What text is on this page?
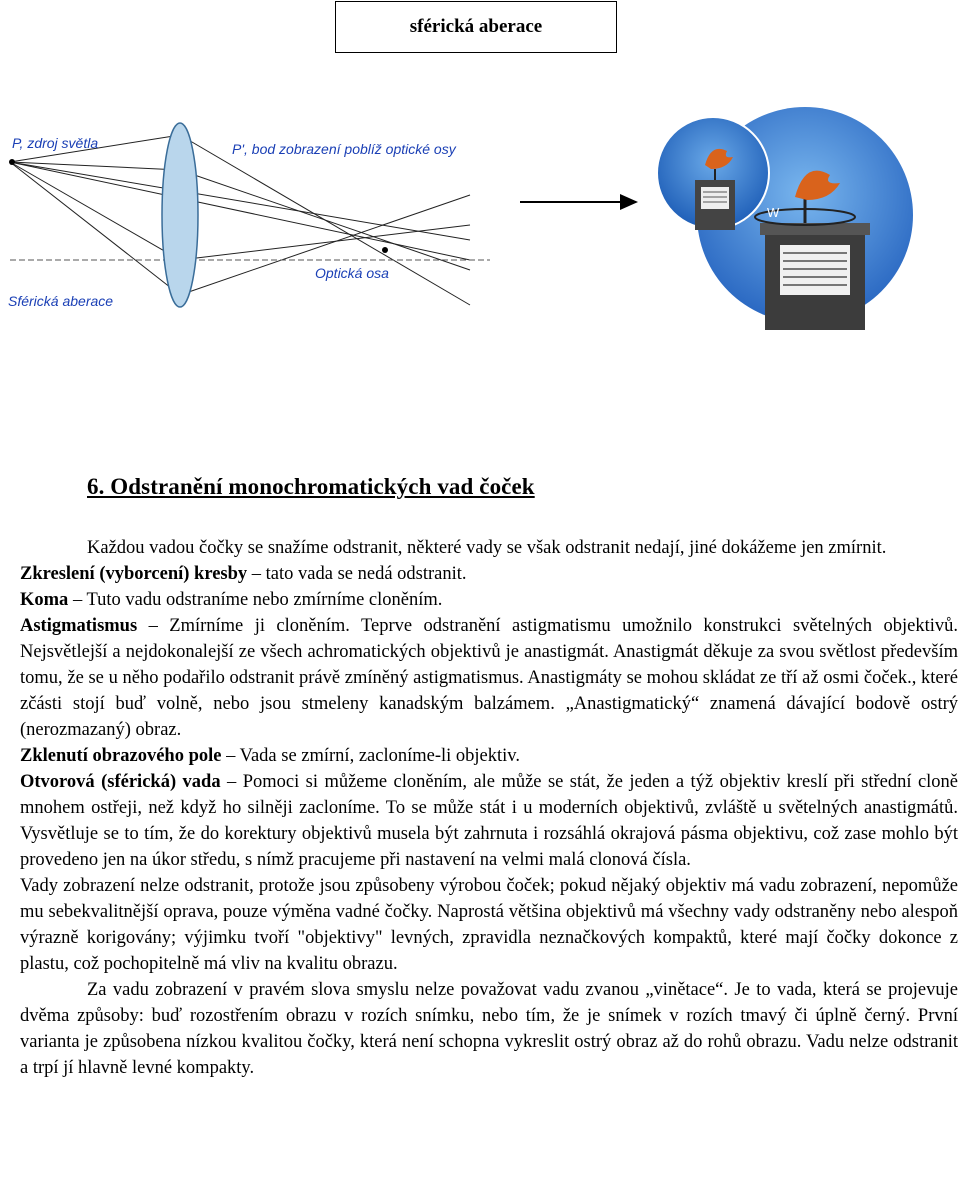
sférická aberace
P, zdroj světla	P', bod zobrazení poblíž optické osy
Optická osa
Sférická aberace
W
6. Odstranění monochromatických vad čoček

Každou vadou čočky se snažíme odstranit, některé vady se však odstranit nedají, jiné dokážeme jen zmírnit.

Zkreslení (vyborcení) kresby – tato vada se nedá odstranit.

Koma – Tuto vadu odstraníme nebo zmírníme cloněním.

Astigmatismus – Zmírníme ji cloněním. Teprve odstranění astigmatismu umožnilo konstrukci světelných objektivů. Nejsvětlejší a nejdokonalejší ze všech achromatických objektivů je anastigmát. Anastigmát děkuje za svou světlost především tomu, že se u něho podařilo odstranit právě zmíněný astigmatismus. Anastigmáty se mohou skládat ze tří až osmi čoček., které zčásti stojí buď volně, nebo jsou stmeleny kanadským balzámem. „Anastigmatický“ znamená dávající bodově ostrý (nerozmazaný) obraz.

Zklenutí obrazového pole – Vada se zmírní, zacloníme-li objektiv.

Otvorová (sférická) vada – Pomoci si můžeme cloněním, ale může se stát, že jeden a týž objektiv kreslí při střední cloně mnohem ostřeji, než když ho silněji zacloníme. To se může stát i u moderních objektivů, zvláště u světelných anastigmátů. Vysvětluje se to tím, že do korektury objektivů musela být zahrnuta i rozsáhlá okrajová pásma objektivu, což zase mohlo být provedeno jen na úkor středu, s nímž pracujeme při nastavení na velmi malá clonová čísla.

Vady zobrazení nelze odstranit, protože jsou způsobeny výrobou čoček; pokud nějaký objektiv má vadu zobrazení, nepomůže mu sebekvalitnější oprava, pouze výměna vadné čočky. Naprostá většina objektivů má všechny vady odstraněny nebo alespoň výrazně korigovány; výjimku tvoří "objektivy" levných, zpravidla neznačkových kompaktů, které mají čočky dokonce z plastu, což pochopitelně má vliv na kvalitu obrazu.

Za vadu zobrazení v pravém slova smyslu nelze považovat vadu zvanou „vinětace“. Je to vada, která se projevuje dvěma způsoby: buď rozostřením obrazu v rozích snímku, nebo tím, že je snímek v rozích tmavý či úplně černý. První varianta je způsobena nízkou kvalitou čočky, která není schopna vykreslit ostrý obraz až do rohů obrazu. Vadu nelze odstranit a trpí jí hlavně levné kompakty.
